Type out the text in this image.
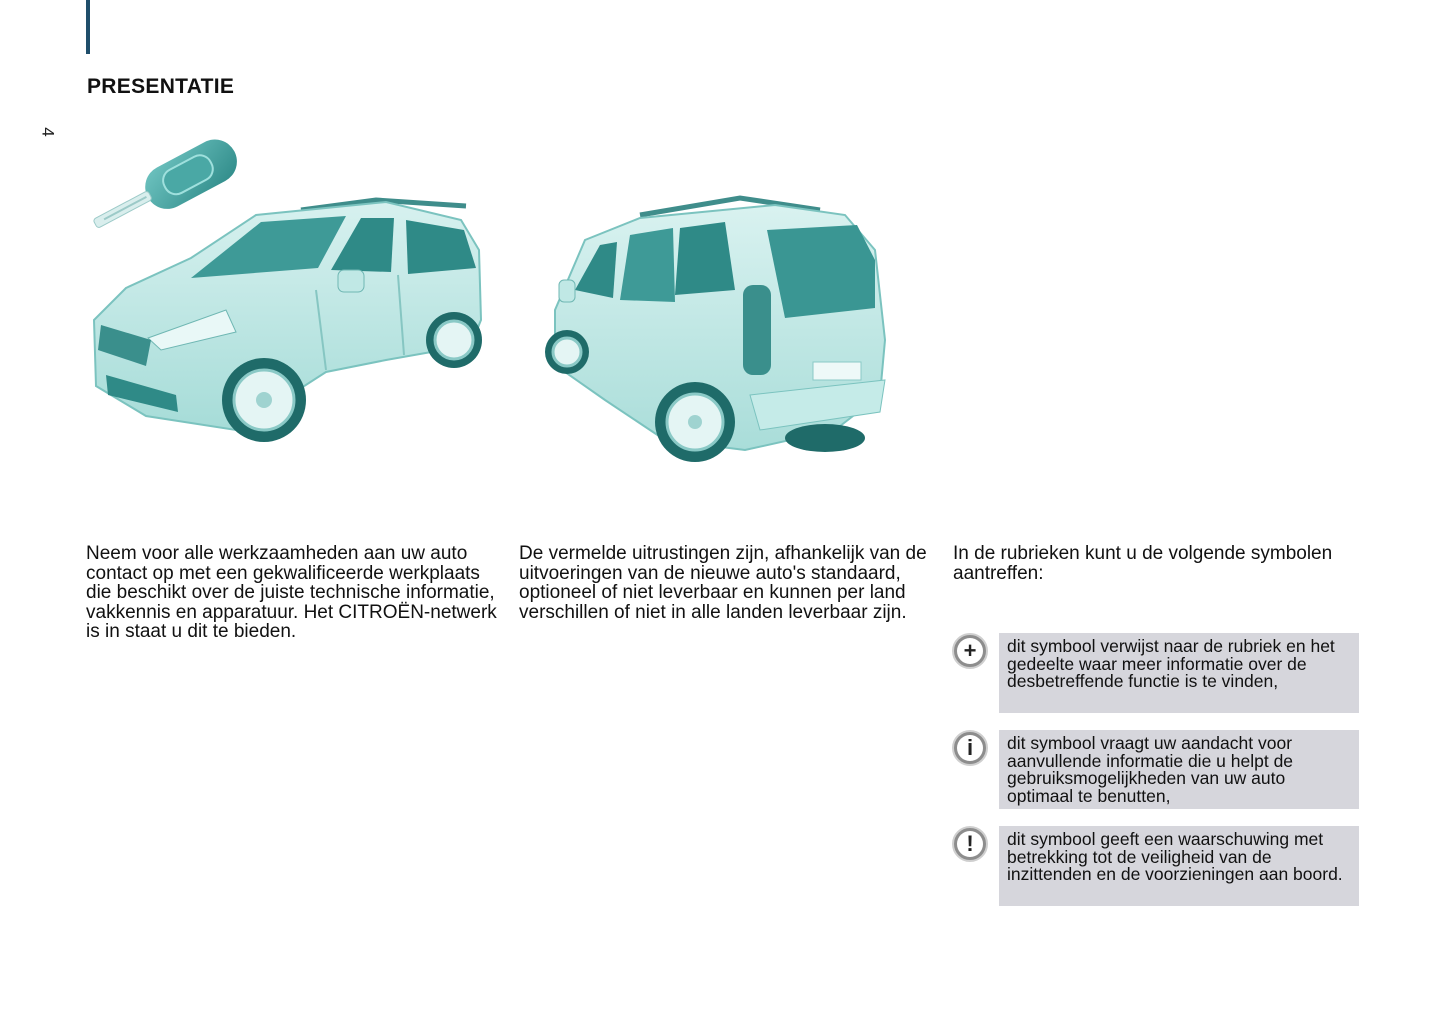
4
PRESENTATIE

Neem voor alle werkzaamheden aan uw auto contact op met een gekwalificeerde werkplaats die beschikt over de juiste technische informatie, vakkennis en apparatuur. Het CITROËN-netwerk is in staat u dit te bieden.

De vermelde uitrustingen zijn, afhankelijk van de uitvoeringen van de nieuwe auto's standaard, optioneel of niet leverbaar en kunnen per land verschillen of niet in alle landen leverbaar zijn.

In de rubrieken kunt u de volgende symbolen aantreffen:

+	dit symbool verwijst naar de rubriek en het gedeelte waar meer informatie over de desbetreffende functie is te vinden,
i	dit symbool vraagt uw aandacht voor aanvullende informatie die u helpt de gebruiksmogelijkheden van uw auto optimaal te benutten,
!	dit symbool geeft een waarschuwing met betrekking tot de veiligheid van de inzittenden en de voorzieningen aan boord.
